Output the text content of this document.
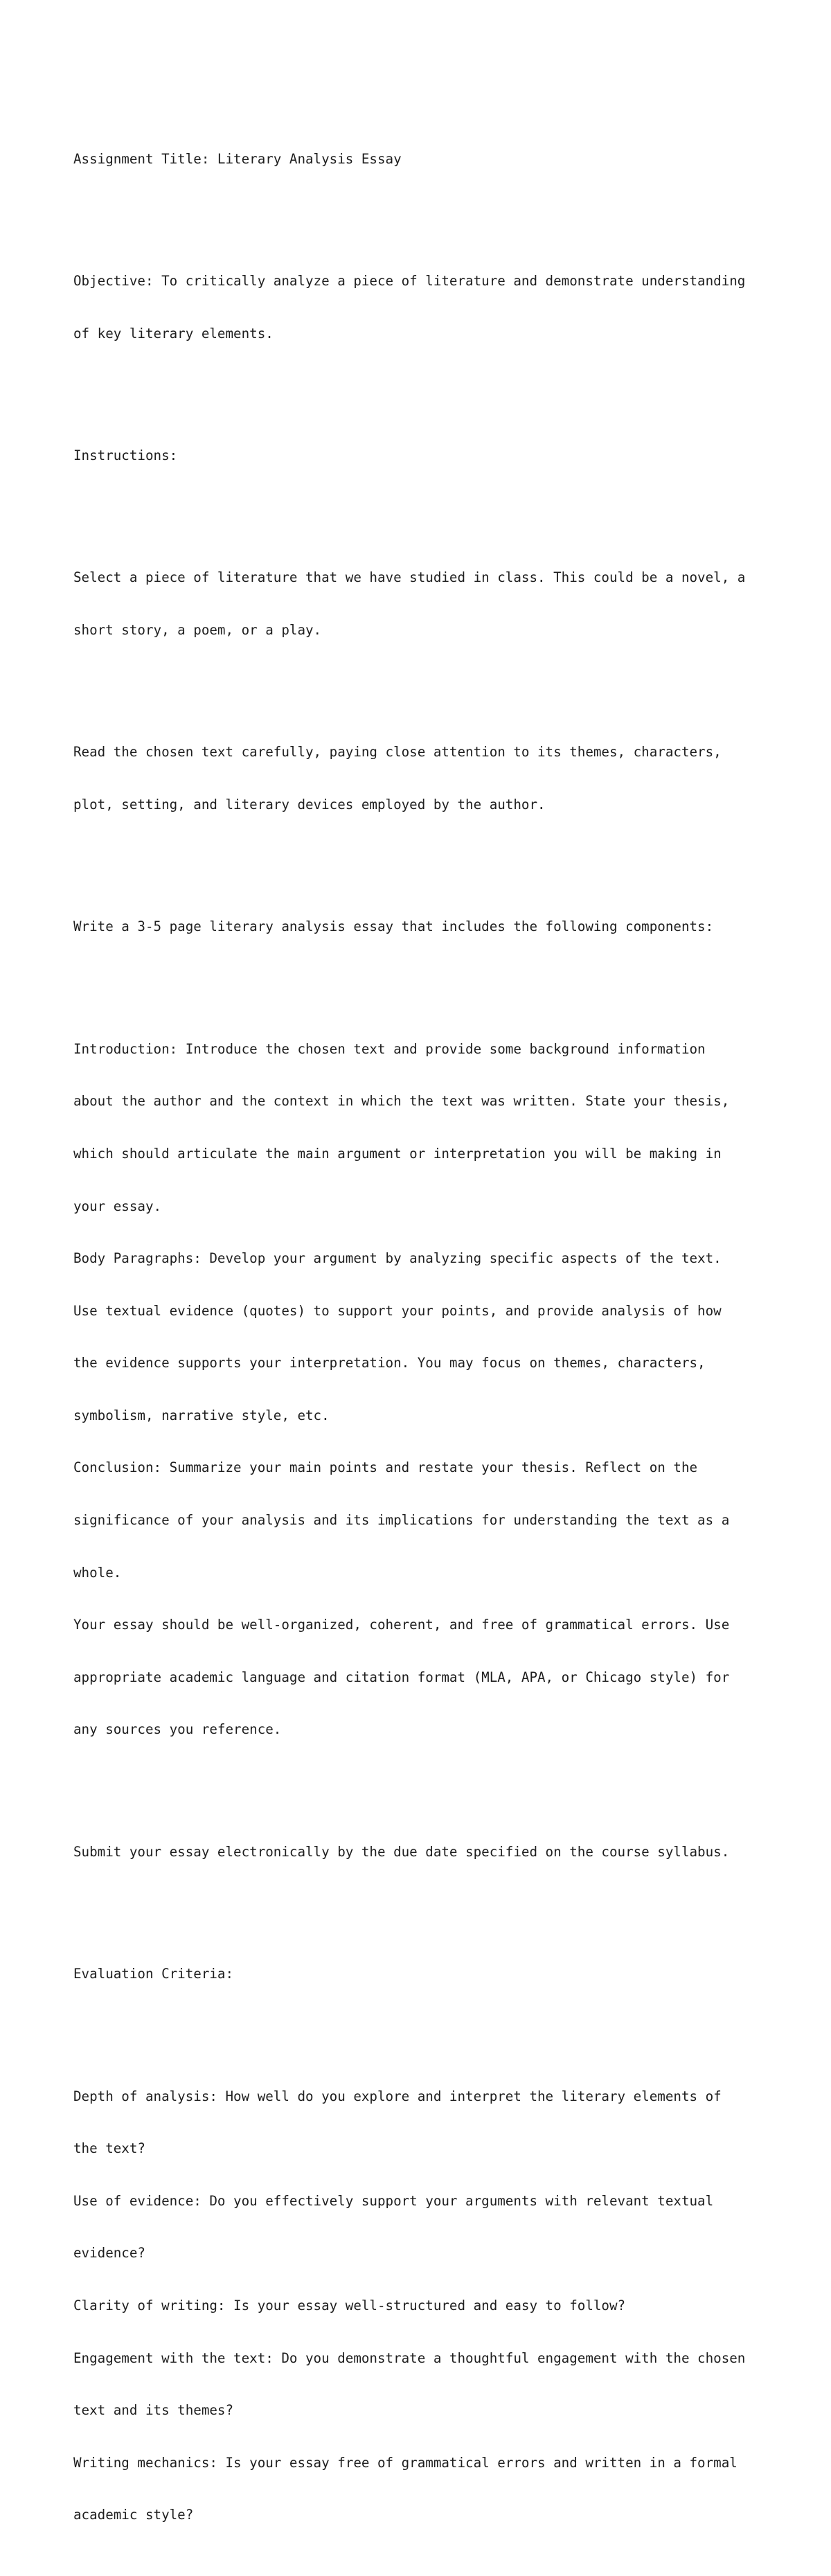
Assignment Title: Literary Analysis Essay

Objective: To critically analyze a piece of literature and demonstrate understanding

of key literary elements.

Instructions:

Select a piece of literature that we have studied in class. This could be a novel, a

short story, a poem, or a play.

Read the chosen text carefully, paying close attention to its themes, characters,

plot, setting, and literary devices employed by the author.

Write a 3-5 page literary analysis essay that includes the following components:

Introduction: Introduce the chosen text and provide some background information

about the author and the context in which the text was written. State your thesis,

which should articulate the main argument or interpretation you will be making in

your essay.

Body Paragraphs: Develop your argument by analyzing specific aspects of the text.

Use textual evidence (quotes) to support your points, and provide analysis of how

the evidence supports your interpretation. You may focus on themes, characters,

symbolism, narrative style, etc.

Conclusion: Summarize your main points and restate your thesis. Reflect on the

significance of your analysis and its implications for understanding the text as a

whole.

Your essay should be well-organized, coherent, and free of grammatical errors. Use

appropriate academic language and citation format (MLA, APA, or Chicago style) for

any sources you reference.

Submit your essay electronically by the due date specified on the course syllabus.

Evaluation Criteria:

Depth of analysis: How well do you explore and interpret the literary elements of

the text?

Use of evidence: Do you effectively support your arguments with relevant textual

evidence?

Clarity of writing: Is your essay well-structured and easy to follow?

Engagement with the text: Do you demonstrate a thoughtful engagement with the chosen

text and its themes?

Writing mechanics: Is your essay free of grammatical errors and written in a formal

academic style?
